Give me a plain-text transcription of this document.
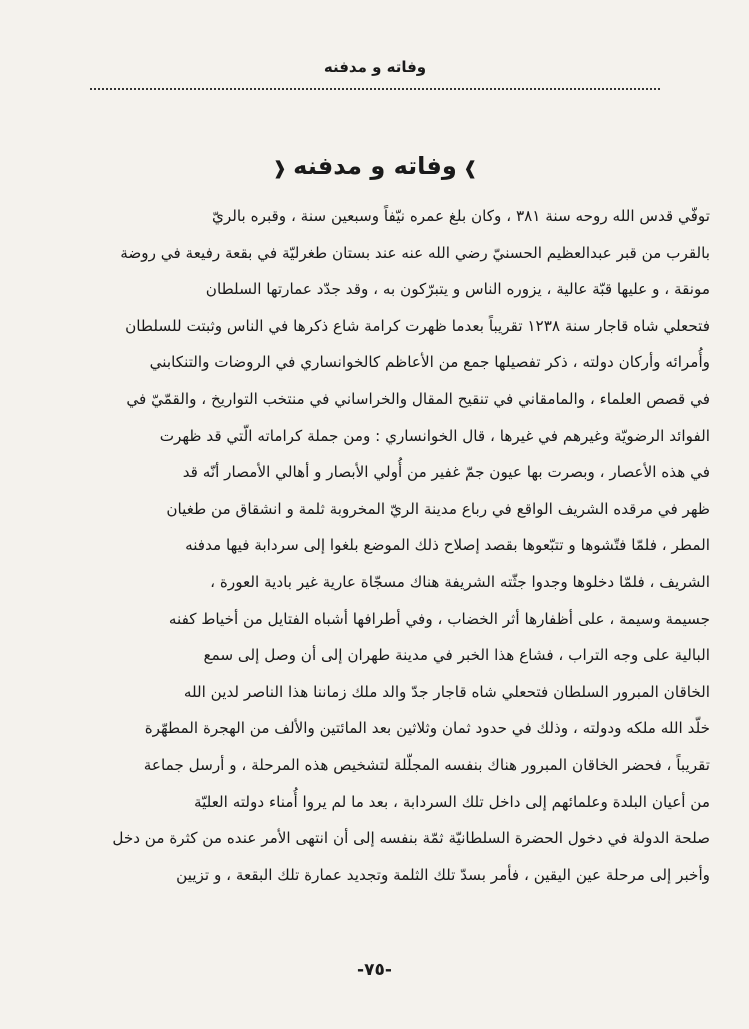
وفاته و مدفنه
❱وفاته و مدفنه❰
توفّي قدس الله روحه سنة ٣٨١ ، وكان بلغ عمره نيّفاً وسبعين سنة ، وقبره بالريّ
بالقرب من قبر عبدالعظيم الحسنيّ رضي الله عنه عند بستان طغرليّة في بقعة رفيعة في روضة
مونقة ، و عليها قبّة عالية ، يزوره الناس و يتبرّكون به ، وقد جدّد عمارتها السلطان
فتحعلي شاه قاجار سنة ١٢٣٨ تقريباً بعدما ظهرت كرامة شاع ذكرها في الناس وثبتت للسلطان
وأُمرائه وأركان دولته ، ذكر تفصيلها جمع من الأعاظم كالخوانساري في الروضات والتنكابني
في قصص العلماء ، والمامقاني في تنقيح المقال والخراساني في منتخب التواريخ ، والقمّيّ في
الفوائد الرضويّة وغيرهم في غيرها ، قال الخوانساري : ومن جملة كراماته الّتي قد ظهرت
في هذه الأعصار ، وبصرت بها عيون جمّ غفير من أُولي الأبصار و أهالي الأمصار أنّه قد
ظهر في مرقده الشريف الواقع في رباع مدينة الريّ المخروبة ثلمة و انشقاق من طغيان
المطر ، فلمّا فتّشوها و تتبّعوها بقصد إصلاح ذلك الموضع بلغوا إلى سردابة فيها مدفنه
الشريف ، فلمّا دخلوها وجدوا جثّته الشريفة هناك مسجّاة عارية غير بادية العورة ،
جسيمة وسيمة ، على أظفارها أثر الخضاب ، وفي أطرافها أشباه الفتايل من أخياط كفنه
البالية على وجه التراب ، فشاع هذا الخبر في مدينة طهران إلى أن وصل إلى سمع
الخاقان المبرور السلطان فتحعلي شاه قاجار جدّ والد ملك زماننا هذا الناصر لدين الله
خلّد الله ملكه ودولته ، وذلك في حدود ثمان وثلاثين بعد المائتين والألف من الهجرة المطهّرة
تقريباً ، فحضر الخاقان المبرور هناك بنفسه المجلّلة لتشخيص هذه المرحلة ، و أرسل جماعة
من أعيان البلدة وعلمائهم إلى داخل تلك السردابة ، بعد ما لم يروا أُمناء دولته العليّة
صلحة الدولة في دخول الحضرة السلطانيّة ثمّة بنفسه إلى أن انتهى الأمر عنده من كثرة من دخل
وأخبر إلى مرحلة عين اليقين ، فأمر بسدّ تلك الثلمة وتجديد عمارة تلك البقعة ، و تزيين
-٧٥-
